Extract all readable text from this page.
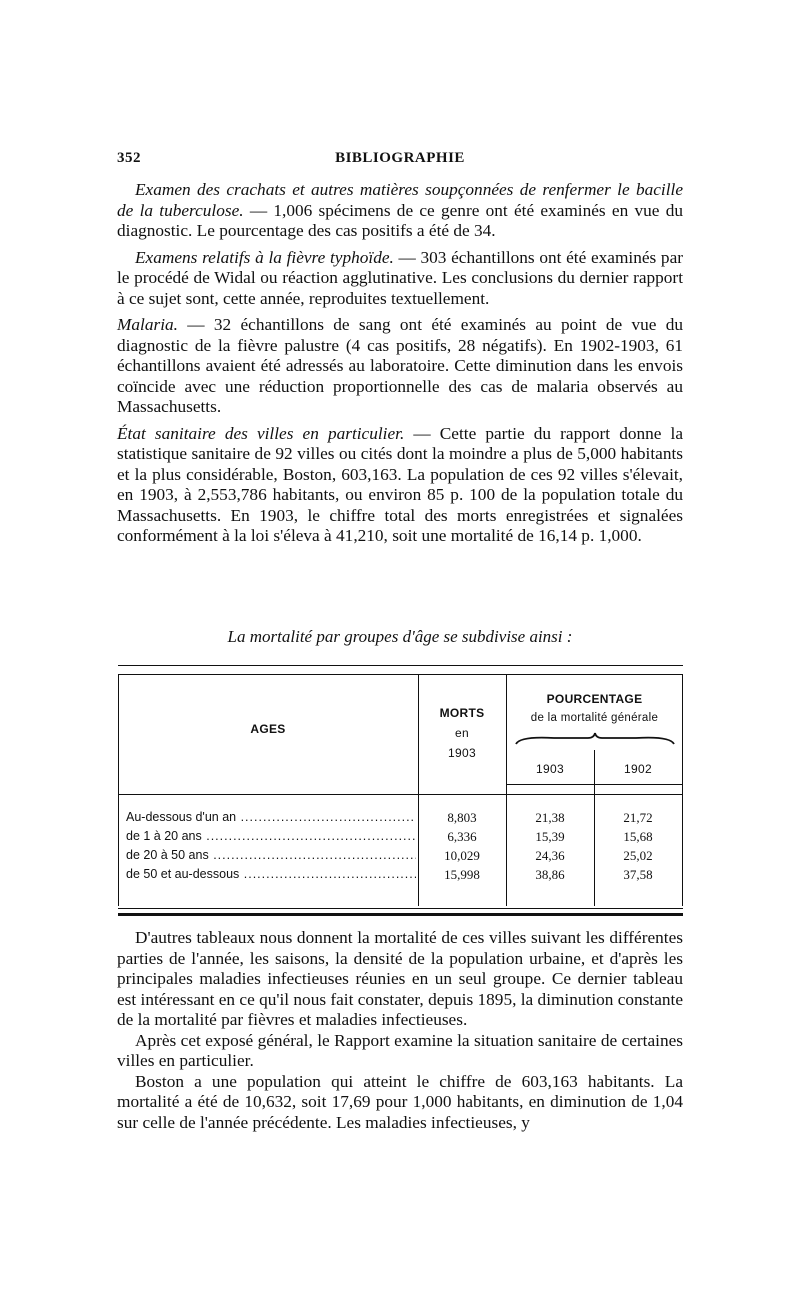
352	BIBLIOGRAPHIE

Examen des crachats et autres matières soupçonnées de renfermer le bacille de la tuberculose. — 1,006 spécimens de ce genre ont été examinés en vue du diagnostic. Le pourcentage des cas positifs a été de 34.

Examens relatifs à la fièvre typhoïde. — 303 échantillons ont été examinés par le procédé de Widal ou réaction agglutinative. Les conclusions du dernier rapport à ce sujet sont, cette année, reproduites textuellement.

Malaria. — 32 échantillons de sang ont été examinés au point de vue du diagnostic de la fièvre palustre (4 cas positifs, 28 négatifs). En 1902-1903, 61 échantillons avaient été adressés au laboratoire. Cette diminution dans les envois coïncide avec une réduction proportionnelle des cas de malaria observés au Massachusetts.

État sanitaire des villes en particulier. — Cette partie du rapport donne la statistique sanitaire de 92 villes ou cités dont la moindre a plus de 5,000 habitants et la plus considérable, Boston, 603,163. La population de ces 92 villes s'élevait, en 1903, à 2,553,786 habitants, ou environ 85 p. 100 de la population totale du Massachusetts. En 1903, le chiffre total des morts enregistrées et signalées conformément à la loi s'éleva à 41,210, soit une mortalité de 16,14 p. 1,000.

La mortalité par groupes d'âge se subdivise ainsi :
AGES
MORTS
en
1903
POURCENTAGE
de la mortalité générale
1903	1902
Au-dessous d'un an .....	8,803	21,38	21,72
de 1 à 20 ans .....	6,336	15,39	15,68
de 20 à 50 ans .....	10,029	24,36	25,02
de 50 et au-dessous .....	15,998	38,86	37,58

D'autres tableaux nous donnent la mortalité de ces villes suivant les différentes parties de l'année, les saisons, la densité de la population urbaine, et d'après les principales maladies infectieuses réunies en un seul groupe. Ce dernier tableau est intéressant en ce qu'il nous fait constater, depuis 1895, la diminution constante de la mortalité par fièvres et maladies infectieuses.

Après cet exposé général, le Rapport examine la situation sanitaire de certaines villes en particulier.

Boston a une population qui atteint le chiffre de 603,163 habitants. La mortalité a été de 10,632, soit 17,69 pour 1,000 habitants, en diminution de 1,04 sur celle de l'année précédente. Les maladies infectieuses, y
